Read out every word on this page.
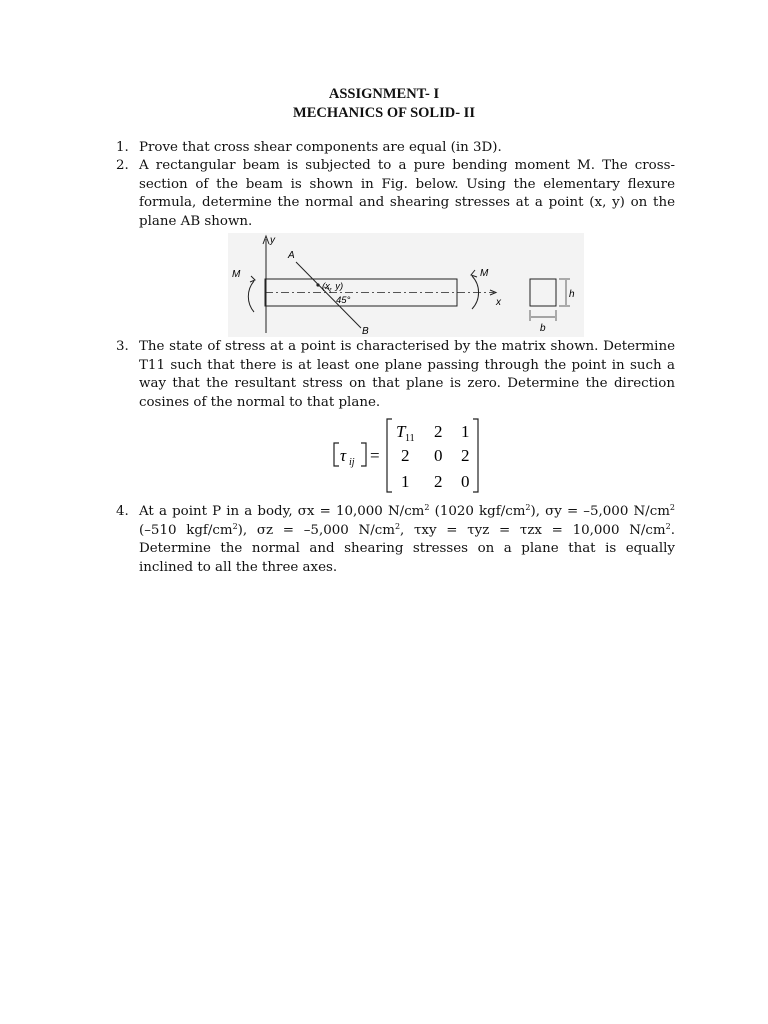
ASSIGNMENT- I
MECHANICS OF SOLID- II
1. Prove that cross shear components are equal (in 3D).
2. A rectangular beam is subjected to a pure bending moment M. The cross-section of the beam is shown in Fig. below. Using the elementary flexure formula, determine the normal and shearing stresses at a point (x, y) on the plane AB shown.
y
x
A
B
(x, y)
45°
M	M
h
b
3. The state of stress at a point is characterised by the matrix shown. Determine T11 such that there is at least one plane passing through the point in such a way that the resultant stress on that plane is zero. Determine the direction cosines of the normal to that plane.
τ ij =
T 11 2 1
2 0 2
1 2 0
4. At a point P in a body, σx = 10,000 $N/cm^2$ (1020 kgf/$cm^2$), σy = –5,000 $N/cm^2$ (–510 kgf/$cm^2$), σz = –5,000 $N/cm^2$, τxy = τyz = τzx = 10,000 $N/cm^2$. Determine the normal and shearing stresses on a plane that is equally inclined to all the three axes.
